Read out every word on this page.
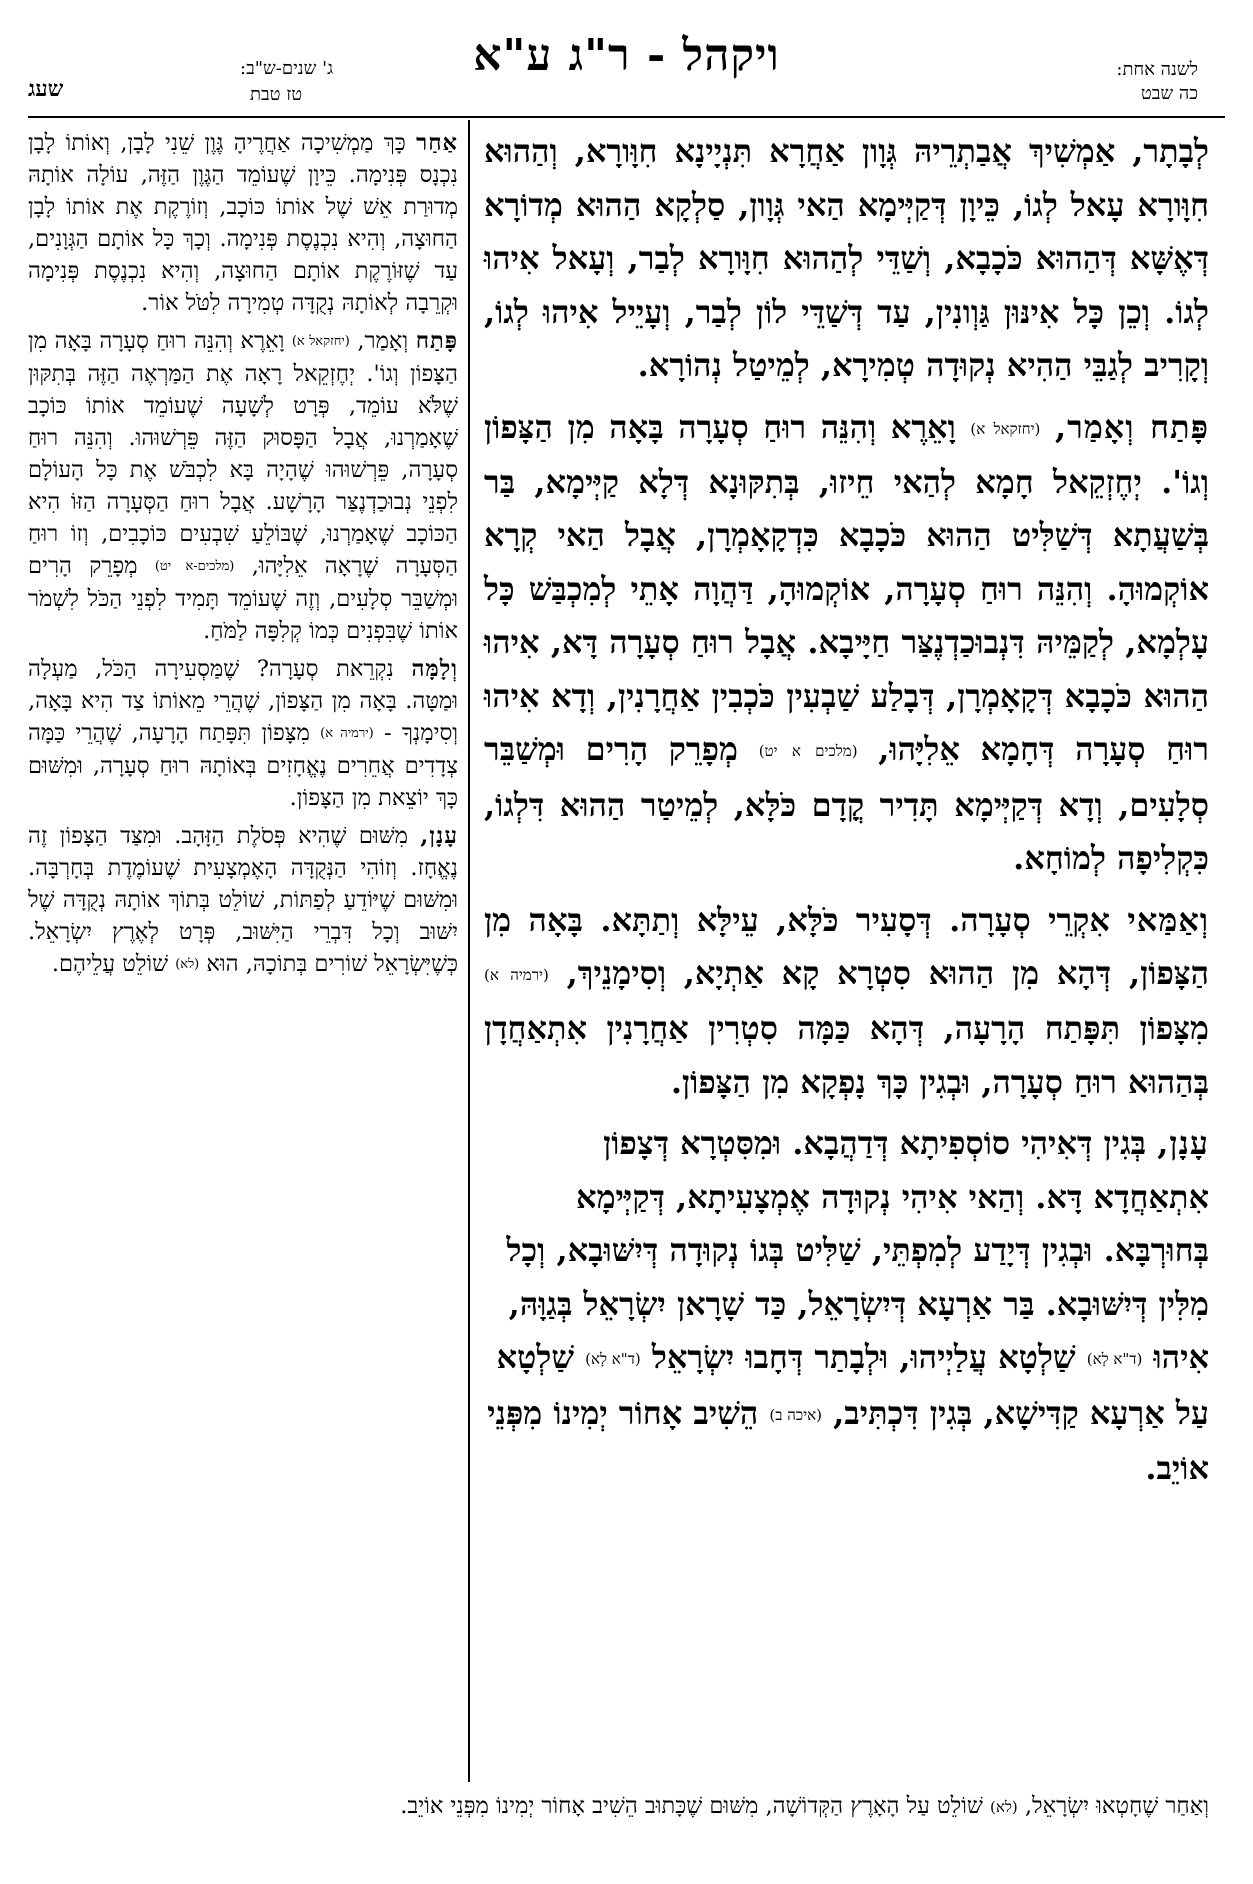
לשנה אחת:
כה שבט
ויקהל - ר"ג ע"א
ג' שנים-ש"ב:
טז טבת
שעג

לְבָתָר, אַמְשִׁיךְ אֲבַתְרֵיהּ גְּוָון אַחֲרָא תִּנְיָינָא חִוָּורָא, וְהַהוּא חִוָּורָא עָאל לְגוֹ, כֵּיוָן דְּקַיְּימָא הַאי גְּוָון, סַלְקָא הַהוּא מְדוֹרָא דְּאֶשָּׁא דְּהַהוּא כֹּכָבָא, וְשַׁדֵּי לְהַהוּא חִוָּורָא לְבַר, וְעָאל אִיהוּ לְגוֹ. וְכֵן כָּל אִינּוּן גַּוְונִין, עַד דְּשַׁדֵּי לוֹן לְבַר, וְעָיֵיל אִיהוּ לְגוֹ, וְקָרִיב לְגַבֵּי הַהִיא נְקוּדָה טְמִירָא, לְמֵיטַל נְהוֹרָא.

פָּתַח וְאָמַר, (יחזקאל א) וָאֵרֶא וְהִנֵּה רוּחַ סְעָרָה בָּאָה מִן הַצָּפוֹן וְגוֹ'. יְחֶזְקֵאל חָמָא לְהַאי חֵיזוּ, בְּתִקּוּנָא דְּלָא קַיְּימָא, בַּר בְּשַׁעֲתָא דְּשַׁלִּיט הַהוּא כֹּכָבָא כִּדְקָאָמְרָן, אֲבָל הַאי קְרָא אוֹקְמוּהָ. וְהִנֵּה רוּחַ סְעָרָה, אוֹקְמוּהָ, דַּהֲוָה אָתֵי לְמִכְבַּשׁ כָּל עָלְמָא, לְקַמֵּיהּ דִּנְבוּכַדְנֶצַּר חַיָּיבָא. אֲבָל רוּחַ סְעָרָה דָּא, אִיהוּ הַהוּא כֹּכָבָא דְּקָאָמְרָן, דְּבָלַע שַׁבְעִין כֹּכְבִין אַחֲרָנִין, וְדָא אִיהוּ רוּחַ סְעָרָה דְּחָמָא אֵלִיָּהוּ, (מלכים א יט) מְפָרֵק הָרִים וּמְשַׁבֵּר סְלָעִים, וְדָא דְּקַיְּימָא תָּדִיר קֳדָם כֹּלָּא, לְמֵיטַר הַהוּא דִּלְגוֹ, כִּקְלִיפָה לְמוֹחָא.

וְאַמַּאי אִקְרֵי סְעָרָה. דְּסָעִיר כֹּלָּא, עֵילָּא וְתַתָּא. בָּאָה מִן הַצָּפוֹן, דְּהָא מִן הַהוּא סִטְרָא קָא אַתְיָא, וְסִימָנֵיךְ, (ירמיה א) מִצָּפוֹן תִּפָּתַח הָרָעָה, דְּהָא כַּמָּה סִטְרִין אַחֲרָנִין אִתְאַחֲדָן בְּהַהוּא רוּחַ סְעָרָה, וּבְגִין כָּךְ נָפְקָא מִן הַצָּפוֹן.

עָנָן, בְּגִין דְּאִיהִי סוֹסְפִיתָא דְּדַהֲבָא. וּמִסִּטְרָא דְּצָפוֹן אִתְאַחֲדָא דָּא. וְהַאי אִיהִי נְקוּדָה אֶמְצָעִיתָא, דְּקַיְּימָא בְּחוּרְבָּא. וּבְגִין דְּיָדַע לְמִפְתֵּי, שַׁלִּיט בְּגוֹ נְקוּדָה דְּיִשּׁוּבָא, וְכָל מִלִּין דְּיִשּׁוּבָא. בַּר אַרְעָא דְּיִשְׂרָאֵל, כַּד שָׁרָאן יִשְׂרָאֵל בְּגַוָּהּ, אִיהוּ (ד"א לָא) שַׁלְטָא עֲלַיְיהוּ, וּלְבָתַר דְּחָבוּ יִשְׂרָאֵל (ד"א לָא) שַׁלְטָא עַל אַרְעָא קַדִּישָׁא, בְּגִין דִּכְתִּיב, (איכה ב) הֵשִׁיב אָחוֹר יְמִינוֹ מִפְּנֵי אוֹיֵב.

אַחַר כָּךְ מַמְשִׁיכָה אַחֲרֶיהָ גֶּוֶן שֵׁנִי לָבָן, וְאוֹתוֹ לָבָן נִכְנָס פְּנִימָה. כֵּיוָן שֶׁעוֹמֵד הַגֶּוֶן הַזֶּה, עוֹלָה אוֹתָהּ מְדוּרַת אֵשׁ שֶׁל אוֹתוֹ כּוֹכָב, וְזוֹרֶקֶת אֶת אוֹתוֹ לָבָן הַחוּצָה, וְהִיא נִכְנֶסֶת פְּנִימָה. וְכָךְ כָּל אוֹתָם הַגְּוָנִים, עַד שֶׁזּוֹרֶקֶת אוֹתָם הַחוּצָה, וְהִיא נִכְנֶסֶת פְּנִימָה וּקְרֵבָה לְאוֹתָהּ נְקֻדָּה טְמִירָה לִטֹּל אוֹר.

פָּתַח וְאָמַר, (יחזקאל א) וָאֵרֶא וְהִנֵּה רוּחַ סְעָרָה בָּאָה מִן הַצָּפוֹן וְגוֹ'. יְחֶזְקֵאל רָאָה אֶת הַמַּרְאֶה הַזֶּה בְּתִקּוּן שֶׁלֹּא עוֹמֵד, פְּרָט לְשָׁעָה שֶׁעוֹמֵד אוֹתוֹ כּוֹכָב שֶׁאָמַרְנוּ, אֲבָל הַפָּסוּק הַזֶּה פֵּרְשׁוּהוּ. וְהִנֵּה רוּחַ סְעָרָה, פֵּרְשׁוּהוּ שֶׁהָיָה בָּא לִכְבֹּשׁ אֶת כָּל הָעוֹלָם לִפְנֵי נְבוּכַדְנֶצַּר הָרָשָׁע. אֲבָל רוּחַ הַסְּעָרָה הַזּוֹ הִיא הַכּוֹכָב שֶׁאָמַרְנוּ, שֶׁבּוֹלֵעַ שִׁבְעִים כּוֹכָבִים, וְזוֹ רוּחַ הַסְּעָרָה שֶׁרָאָה אֵלִיָּהוּ, (מלכים-א יט) מְפָרֵק הָרִים וּמְשַׁבֵּר סְלָעִים, וְזֶה שֶׁעוֹמֵד תָּמִיד לִפְנֵי הַכֹּל לִשְׁמֹר אוֹתוֹ שֶׁבִּפְנִים כְּמוֹ קְלִפָּה לַמֹּחַ.

וְלָמָּה נִקְרֵאת סְעָרָה? שֶׁמַּסְעִירָה הַכֹּל, מַעְלָה וּמַטָּה. בָּאָה מִן הַצָּפוֹן, שֶׁהֲרֵי מֵאוֹתוֹ צַד הִיא בָּאָה, וְסִימָנְךָ - (ירמיה א) מִצָּפוֹן תִּפָּתַח הָרָעָה, שֶׁהֲרֵי כַּמָּה צְדָדִים אֲחֵרִים נֶאֱחָזִים בְּאוֹתָהּ רוּחַ סְעָרָה, וּמִשּׁוּם כָּךְ יוֹצֵאת מִן הַצָּפוֹן.

עָנָן, מִשּׁוּם שֶׁהִיא פְּסֹלֶת הַזָּהָב. וּמִצַּד הַצָּפוֹן זֶה נֶאֱחָז. וְזוֹהִי הַנְּקֻדָּה הָאֶמְצָעִית שֶׁעוֹמֶדֶת בְּחָרְבָּה. וּמִשּׁוּם שֶׁיּוֹדֵעַ לְפַתּוֹת, שׁוֹלֵט בְּתוֹךְ אוֹתָהּ נְקֻדָּה שֶׁל יִשּׁוּב וְכָל דִּבְרֵי הַיִּשּׁוּב, פְּרָט לְאֶרֶץ יִשְׂרָאֵל. כְּשֶׁיִּשְׂרָאֵל שׁוֹרִים בְּתוֹכָהּ, הוּא (לא) שׁוֹלֵט עֲלֵיהֶם.

וְאַחַר שֶׁחָטְאוּ יִשְׂרָאֵל, (לא) שׁוֹלֵט עַל הָאָרֶץ הַקְּדוֹשָׁה, מִשּׁוּם שֶׁכָּתוּב הֵשִׁיב אָחוֹר יְמִינוֹ מִפְּנֵי אוֹיֵב.
